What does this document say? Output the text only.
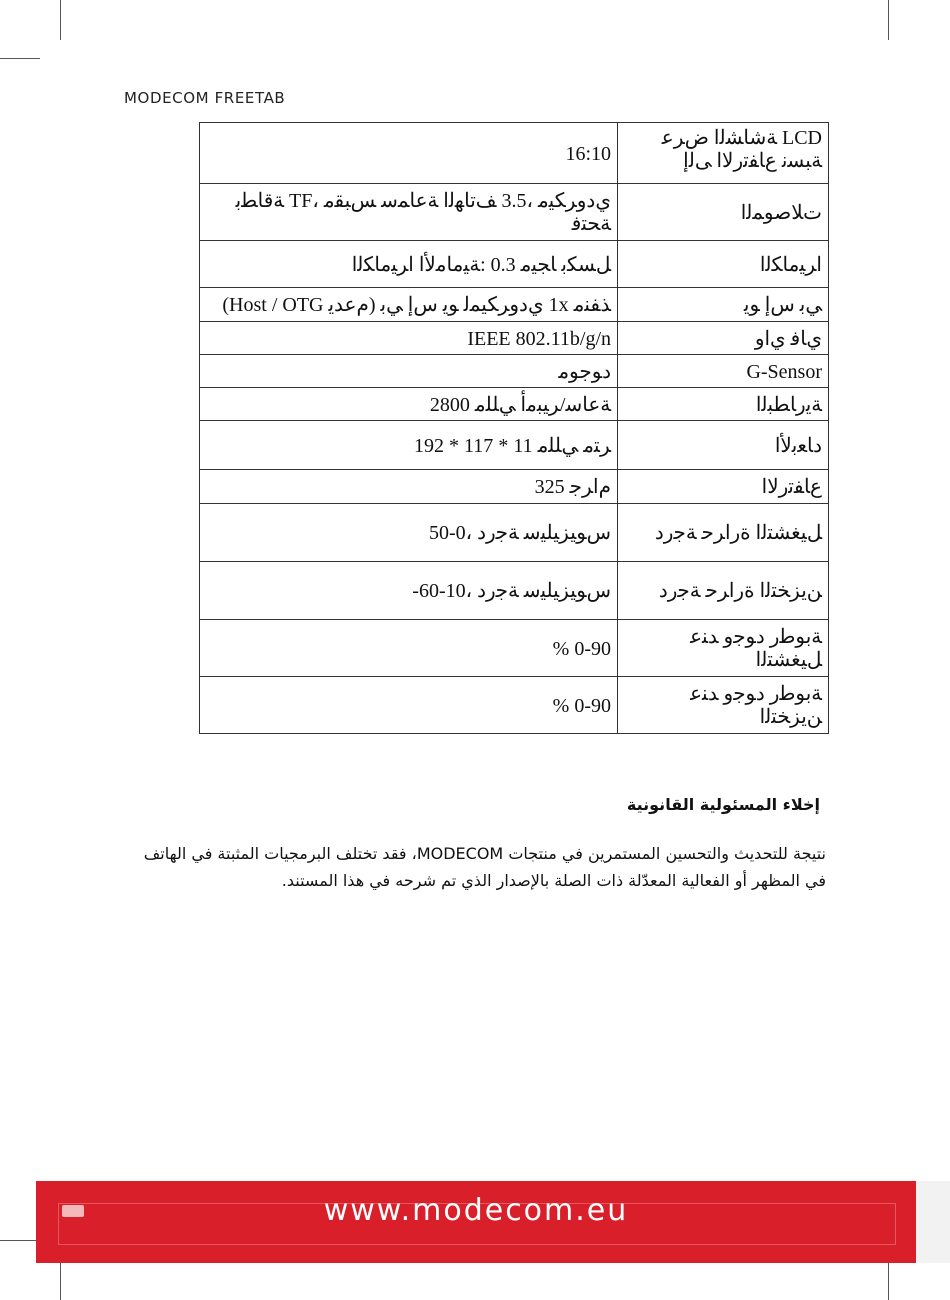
MODECOM FREETAB
LCD ﺔﺷﺎﺸﻟﺍ ﺽﺮﻋ ﺔﺒﺴﻧ ﻉﺎﻔﺗﺭﻻﺍ ﻰﻟﺇ	16:10
ﺕﻼﺻﻮﻤﻟﺍ	ﻱﺩﻭﺮﻜﻴﻣ ،3.5 ﻒﺗﺎﻬﻟﺍ ﺔﻋﺎﻤﺳ ﺲﺒﻘﻣ ،TF ﺔﻗﺎﻄﺑ ﺔﺤﺘﻓ
ﺍﺮﻴﻣﺎﻜﻟﺍ	ﻞﺴﻜﺑ ﺎﺠﻴﻣ 0.3 :ﺔﻴﻣﺎﻣﻷﺍ ﺍﺮﻴﻣﺎﻜﻟﺍ
ﻲﺑ ﺱﺇ ﻮﻳ	ﺬﻔﻨﻣ 1x ﻱﺩﻭﺮﻜﻴﻤﻟ ﻮﻳ ﺱﺇ ﻲﺑ (ﻡﻋﺪﻳ Host / OTG)
ﻱﺎﻓ ﻱﺍﻭ	IEEE 802.11b/g/n
G-Sensor	ﺩﻮﺟﻮﻣ
ﺔﻳﺭﺎﻄﺒﻟﺍ	ﺔﻋﺎﺳ/ﺮﻴﺒﻣﺃ ﻲﻠﻠﻣ 2800
ﺩﺎﻌﺑﻷﺍ	ﺮﺘﻣ ﻲﻠﻠﻣ 11 * 117 * 192
ﻉﺎﻔﺗﺭﻻﺍ	ﻡﺍﺮﺟ 325
ﻞﻴﻐﺸﺘﻟﺍ ﺓﺭﺍﺮﺣ ﺔﺟﺭﺩ	ﺱﻮﻴﺰﻴﻠﻴﺳ ﺔﺟﺭﺩ ،0-50
ﻦﻳﺰﺨﺘﻟﺍ ﺓﺭﺍﺮﺣ ﺔﺟﺭﺩ	ﺱﻮﻴﺰﻴﻠﻴﺳ ﺔﺟﺭﺩ ،10-60-
ﺔﺑﻮﻃﺭ ﺩﻮﺟﻭ ﺪﻨﻋ ﻞﻴﻐﺸﺘﻟﺍ	0-90 %
ﺔﺑﻮﻃﺭ ﺩﻮﺟﻭ ﺪﻨﻋ ﻦﻳﺰﺨﺘﻟﺍ	0-90 %
إخلاء المسئولية القانونية
نتيجة للتحديث والتحسين المستمرين في منتجات MODECOM، فقد تختلف البرمجيات المثبتة في الهاتف في المظهر أو الفعالية المعدّلة ذات الصلة بالإصدار الذي تم شرحه في هذا المستند.
www.modecom.eu
